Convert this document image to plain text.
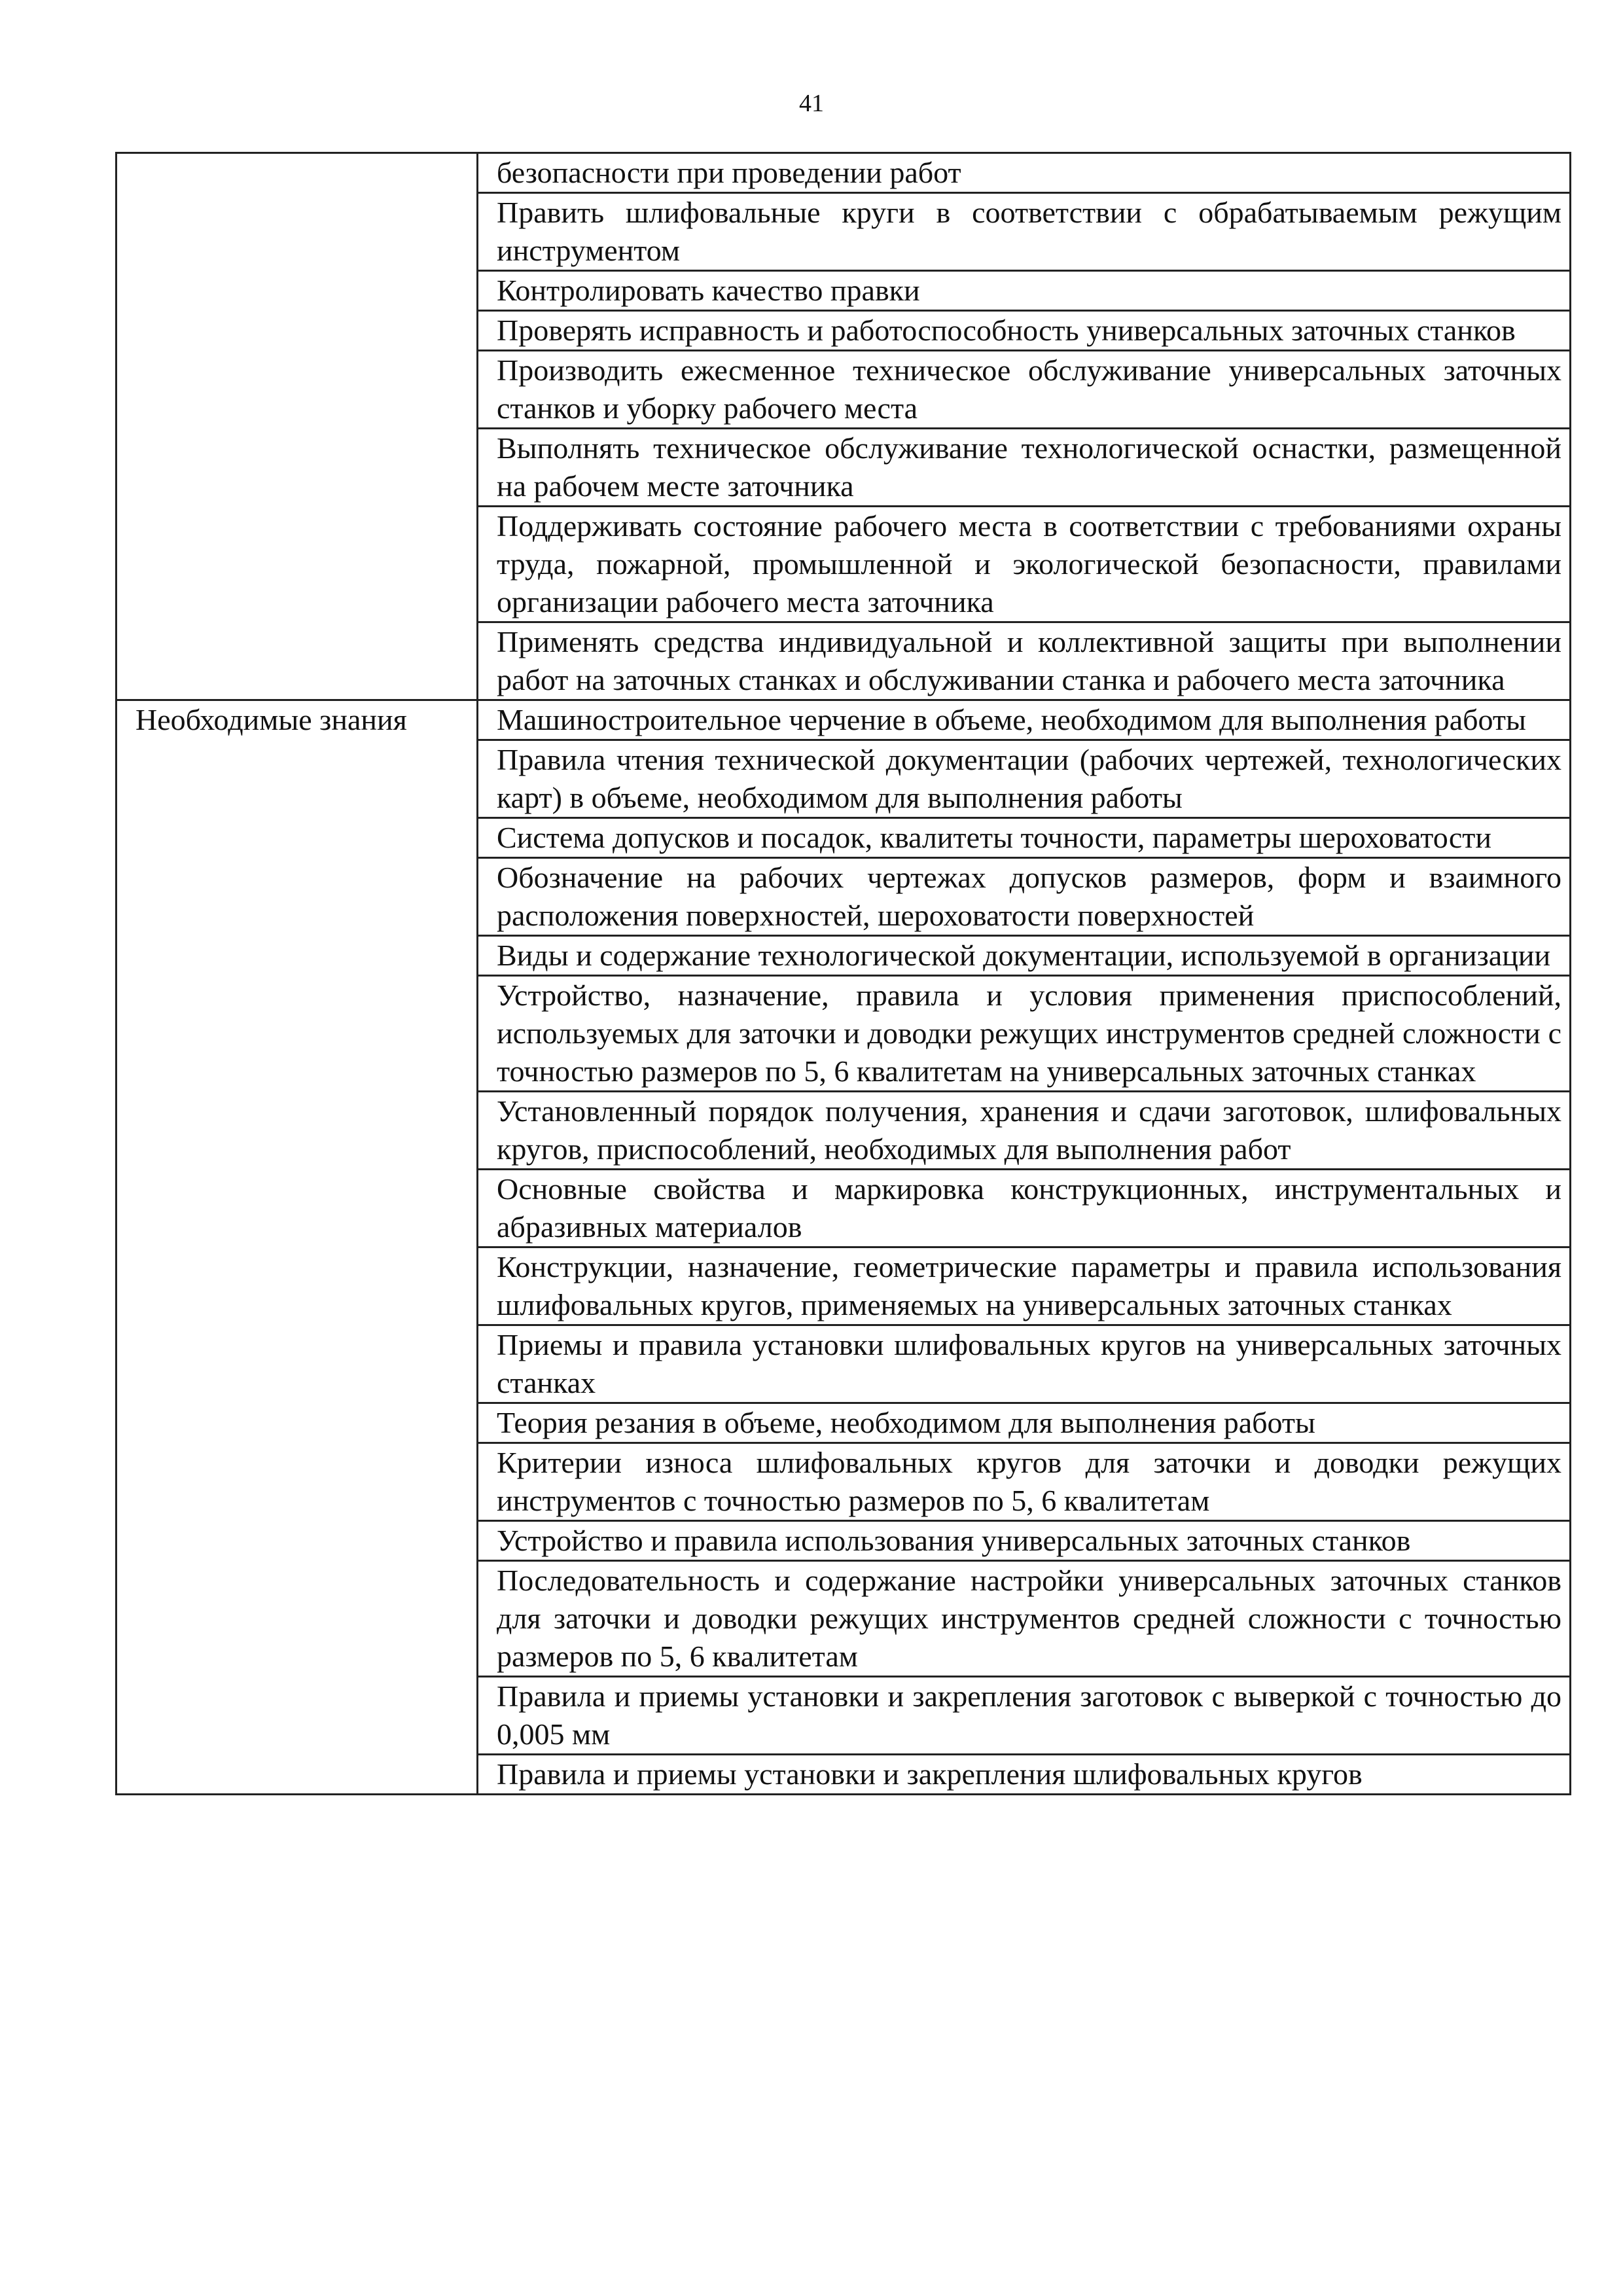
41
	безопасности при проведении работ
	Править шлифовальные круги в соответствии с обрабатываемым режущим инструментом
	Контролировать качество правки
	Проверять исправность и работоспособность универсальных заточных станков
	Производить ежесменное техническое обслуживание универсальных заточных станков и уборку рабочего места
	Выполнять техническое обслуживание технологической оснастки, размещенной на рабочем месте заточника
	Поддерживать состояние рабочего места в соответствии с требованиями охраны труда, пожарной, промышленной и экологической безопасности, правилами организации рабочего места заточника
	Применять средства индивидуальной и коллективной защиты при выполнении работ на заточных станках и обслуживании станка и рабочего места заточника
Необходимые знания	Машиностроительное черчение в объеме, необходимом для выполнения работы
	Правила чтения технической документации (рабочих чертежей, технологических карт) в объеме, необходимом для выполнения работы
	Система допусков и посадок, квалитеты точности, параметры шероховатости
	Обозначение на рабочих чертежах допусков размеров, форм и взаимного расположения поверхностей, шероховатости поверхностей
	Виды и содержание технологической документации, используемой в организации
	Устройство, назначение, правила и условия применения приспособлений, используемых для заточки и доводки режущих инструментов средней сложности с точностью размеров по 5, 6 квалитетам на универсальных заточных станках
	Установленный порядок получения, хранения и сдачи заготовок, шлифовальных кругов, приспособлений, необходимых для выполнения работ
	Основные свойства и маркировка конструкционных, инструментальных и абразивных материалов
	Конструкции, назначение, геометрические параметры и правила использования шлифовальных кругов, применяемых на универсальных заточных станках
	Приемы и правила установки шлифовальных кругов на универсальных заточных станках
	Теория резания в объеме, необходимом для выполнения работы
	Критерии износа шлифовальных кругов для заточки и доводки режущих инструментов с точностью размеров по 5, 6 квалитетам
	Устройство и правила использования универсальных заточных станков
	Последовательность и содержание настройки универсальных заточных станков для заточки и доводки режущих инструментов средней сложности с точностью размеров по 5, 6 квалитетам
	Правила и приемы установки и закрепления заготовок с выверкой с точностью до 0,005 мм
	Правила и приемы установки и закрепления шлифовальных кругов
